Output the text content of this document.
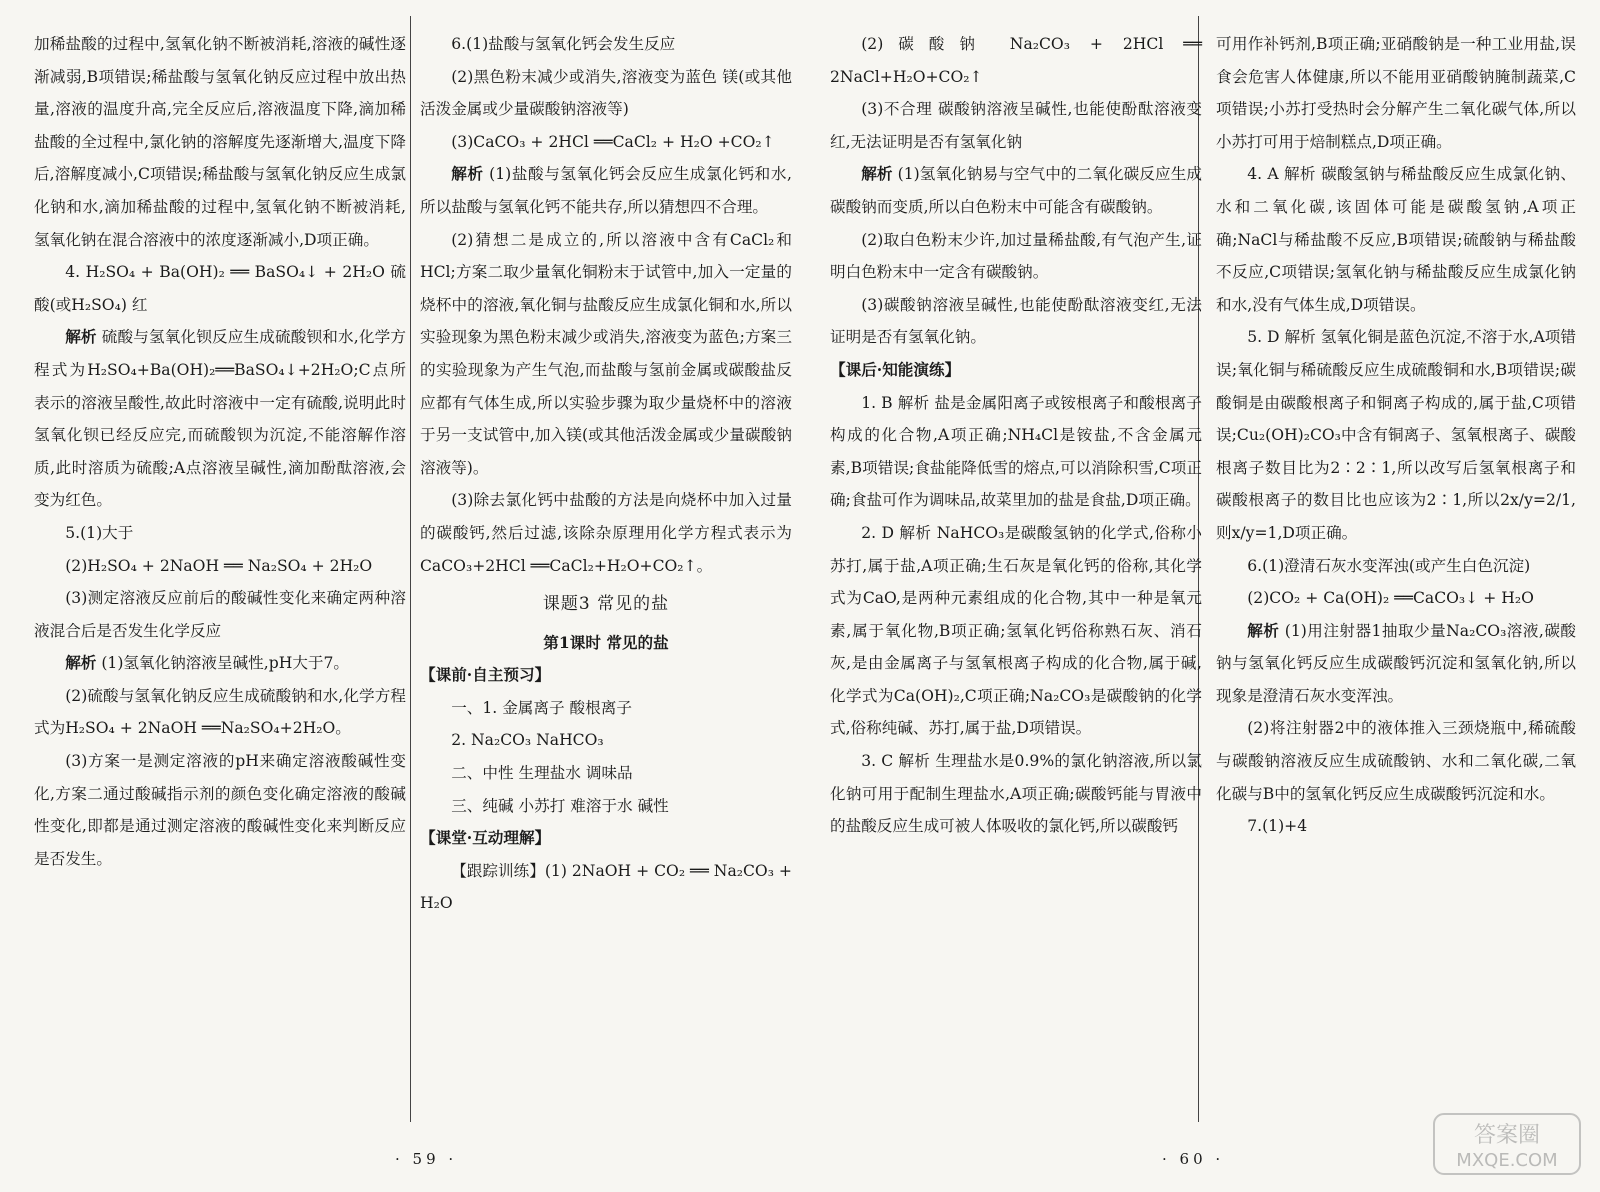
加稀盐酸的过程中,氢氧化钠不断被消耗,溶液的碱性逐渐减弱,B项错误;稀盐酸与氢氧化钠反应过程中放出热量,溶液的温度升高,完全反应后,溶液温度下降,滴加稀盐酸的全过程中,氯化钠的溶解度先逐渐增大,温度下降后,溶解度减小,C项错误;稀盐酸与氢氧化钠反应生成氯化钠和水,滴加稀盐酸的过程中,氢氧化钠不断被消耗,氢氧化钠在混合溶液中的浓度逐渐减小,D项正确。

4. H₂SO₄ + Ba(OH)₂ ══ BaSO₄↓ + 2H₂O 硫酸(或H₂SO₄) 红

解析 硫酸与氢氧化钡反应生成硫酸钡和水,化学方程式为H₂SO₄+Ba(OH)₂══BaSO₄↓+2H₂O;C点所表示的溶液呈酸性,故此时溶液中一定有硫酸,说明此时氢氧化钡已经反应完,而硫酸钡为沉淀,不能溶解作溶质,此时溶质为硫酸;A点溶液呈碱性,滴加酚酞溶液,会变为红色。

5.(1)大于

(2)H₂SO₄ + 2NaOH ══ Na₂SO₄ + 2H₂O

(3)测定溶液反应前后的酸碱性变化来确定两种溶液混合后是否发生化学反应

解析 (1)氢氧化钠溶液呈碱性,pH大于7。

(2)硫酸与氢氧化钠反应生成硫酸钠和水,化学方程式为H₂SO₄ + 2NaOH ══Na₂SO₄+2H₂O。

(3)方案一是测定溶液的pH来确定溶液酸碱性变化,方案二通过酸碱指示剂的颜色变化确定溶液的酸碱性变化,即都是通过测定溶液的酸碱性变化来判断反应是否发生。

6.(1)盐酸与氢氧化钙会发生反应

(2)黑色粉末减少或消失,溶液变为蓝色 镁(或其他活泼金属或少量碳酸钠溶液等)

(3)CaCO₃ + 2HCl ══CaCl₂ + H₂O +CO₂↑

解析 (1)盐酸与氢氧化钙会反应生成氯化钙和水,所以盐酸与氢氧化钙不能共存,所以猜想四不合理。

(2)猜想二是成立的,所以溶液中含有CaCl₂和HCl;方案二取少量氧化铜粉末于试管中,加入一定量的烧杯中的溶液,氧化铜与盐酸反应生成氯化铜和水,所以实验现象为黑色粉末减少或消失,溶液变为蓝色;方案三的实验现象为产生气泡,而盐酸与氢前金属或碳酸盐反应都有气体生成,所以实验步骤为取少量烧杯中的溶液于另一支试管中,加入镁(或其他活泼金属或少量碳酸钠溶液等)。

(3)除去氯化钙中盐酸的方法是向烧杯中加入过量的碳酸钙,然后过滤,该除杂原理用化学方程式表示为CaCO₃+2HCl ══CaCl₂+H₂O+CO₂↑。

课题3 常见的盐

第1课时 常见的盐

【课前·自主预习】

一、1. 金属离子 酸根离子

2. Na₂CO₃ NaHCO₃

二、中性 生理盐水 调味品

三、纯碱 小苏打 难溶于水 碱性

【课堂·互动理解】

【跟踪训练】(1) 2NaOH + CO₂ ══ Na₂CO₃ + H₂O

(2)碳酸钠 Na₂CO₃ + 2HCl ══ 2NaCl+H₂O+CO₂↑

(3)不合理 碳酸钠溶液呈碱性,也能使酚酞溶液变红,无法证明是否有氢氧化钠

解析 (1)氢氧化钠易与空气中的二氧化碳反应生成碳酸钠而变质,所以白色粉末中可能含有碳酸钠。

(2)取白色粉末少许,加过量稀盐酸,有气泡产生,证明白色粉末中一定含有碳酸钠。

(3)碳酸钠溶液呈碱性,也能使酚酞溶液变红,无法证明是否有氢氧化钠。

【课后·知能演练】

1. B 解析 盐是金属阳离子或铵根离子和酸根离子构成的化合物,A项正确;NH₄Cl是铵盐,不含金属元素,B项错误;食盐能降低雪的熔点,可以消除积雪,C项正确;食盐可作为调味品,故菜里加的盐是食盐,D项正确。

2. D 解析 NaHCO₃是碳酸氢钠的化学式,俗称小苏打,属于盐,A项正确;生石灰是氧化钙的俗称,其化学式为CaO,是两种元素组成的化合物,其中一种是氧元素,属于氧化物,B项正确;氢氧化钙俗称熟石灰、消石灰,是由金属离子与氢氧根离子构成的化合物,属于碱,化学式为Ca(OH)₂,C项正确;Na₂CO₃是碳酸钠的化学式,俗称纯碱、苏打,属于盐,D项错误。

3. C 解析 生理盐水是0.9%的氯化钠溶液,所以氯化钠可用于配制生理盐水,A项正确;碳酸钙能与胃液中的盐酸反应生成可被人体吸收的氯化钙,所以碳酸钙

可用作补钙剂,B项正确;亚硝酸钠是一种工业用盐,误食会危害人体健康,所以不能用亚硝酸钠腌制蔬菜,C项错误;小苏打受热时会分解产生二氧化碳气体,所以小苏打可用于焙制糕点,D项正确。

4. A 解析 碳酸氢钠与稀盐酸反应生成氯化钠、水和二氧化碳,该固体可能是碳酸氢钠,A项正确;NaCl与稀盐酸不反应,B项错误;硫酸钠与稀盐酸不反应,C项错误;氢氧化钠与稀盐酸反应生成氯化钠和水,没有气体生成,D项错误。

5. D 解析 氢氧化铜是蓝色沉淀,不溶于水,A项错误;氧化铜与稀硫酸反应生成硫酸铜和水,B项错误;碳酸铜是由碳酸根离子和铜离子构成的,属于盐,C项错误;Cu₂(OH)₂CO₃中含有铜离子、氢氧根离子、碳酸根离子数目比为2∶2∶1,所以改写后氢氧根离子和碳酸根离子的数目比也应该为2∶1,所以2x/y=2/1,则x/y=1,D项正确。

6.(1)澄清石灰水变浑浊(或产生白色沉淀)

(2)CO₂ + Ca(OH)₂ ══CaCO₃↓ + H₂O

解析 (1)用注射器1抽取少量Na₂CO₃溶液,碳酸钠与氢氧化钙反应生成碳酸钙沉淀和氢氧化钠,所以现象是澄清石灰水变浑浊。

(2)将注射器2中的液体推入三颈烧瓶中,稀硫酸与碳酸钠溶液反应生成硫酸钠、水和二氧化碳,二氧化碳与B中的氢氧化钙反应生成碳酸钙沉淀和水。

7.(1)+4

· 59 ·	· 60 ·
答案圈
MXQE.COM
